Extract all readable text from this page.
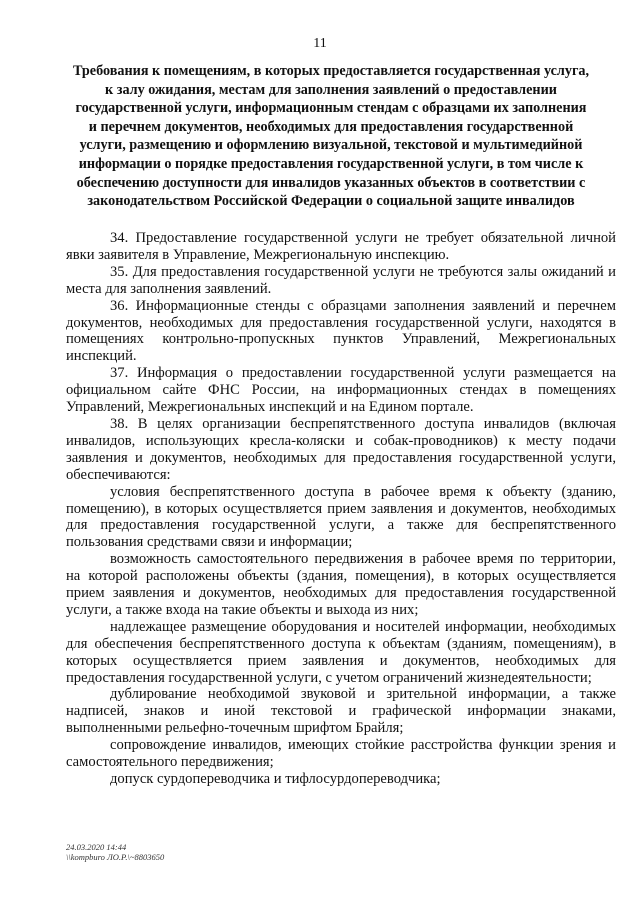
11
Требования к помещениям, в которых предоставляется государственная услуга, к залу ожидания, местам для заполнения заявлений о предоставлении государственной услуги, информационным стендам с образцами их заполнения и перечнем документов, необходимых для предоставления государственной услуги, размещению и оформлению визуальной, текстовой и мультимедийной информации о порядке предоставления государственной услуги, в том числе к обеспечению доступности для инвалидов указанных объектов в соответствии с законодательством Российской Федерации о социальной защите инвалидов

34. Предоставление государственной услуги не требует обязательной личной явки заявителя в Управление, Межрегиональную инспекцию.

35. Для предоставления государственной услуги не требуются залы ожиданий и места для заполнения заявлений.

36. Информационные стенды с образцами заполнения заявлений и перечнем документов, необходимых для предоставления государственной услуги, находятся в помещениях контрольно-пропускных пунктов Управлений, Межрегиональных инспекций.

37. Информация о предоставлении государственной услуги размещается на официальном сайте ФНС России, на информационных стендах в помещениях Управлений, Межрегиональных инспекций и на Едином портале.

38. В целях организации беспрепятственного доступа инвалидов (включая инвалидов, использующих кресла-коляски и собак-проводников) к месту подачи заявления и документов, необходимых для предоставления государственной услуги, обеспечиваются:

условия беспрепятственного доступа в рабочее время к объекту (зданию, помещению), в которых осуществляется прием заявления и документов, необходимых для предоставления государственной услуги, а также для беспрепятственного пользования средствами связи и информации;

возможность самостоятельного передвижения в рабочее время по территории, на которой расположены объекты (здания, помещения), в которых осуществляется прием заявления и документов, необходимых для предоставления государственной услуги, а также входа на такие объекты и выхода из них;

надлежащее размещение оборудования и носителей информации, необходимых для обеспечения беспрепятственного доступа к объектам (зданиям, помещениям), в которых осуществляется прием заявления и документов, необходимых для предоставления государственной услуги, с учетом ограничений жизнедеятельности;

дублирование необходимой звуковой и зрительной информации, а также надписей, знаков и иной текстовой и графической информации знаками, выполненными рельефно-точечным шрифтом Брайля;

сопровождение инвалидов, имеющих стойкие расстройства функции зрения и самостоятельного передвижения;

допуск сурдопереводчика и тифлосурдопереводчика;

24.03.2020 14:44
\\kompburo ЛО.Р.\~8803650
